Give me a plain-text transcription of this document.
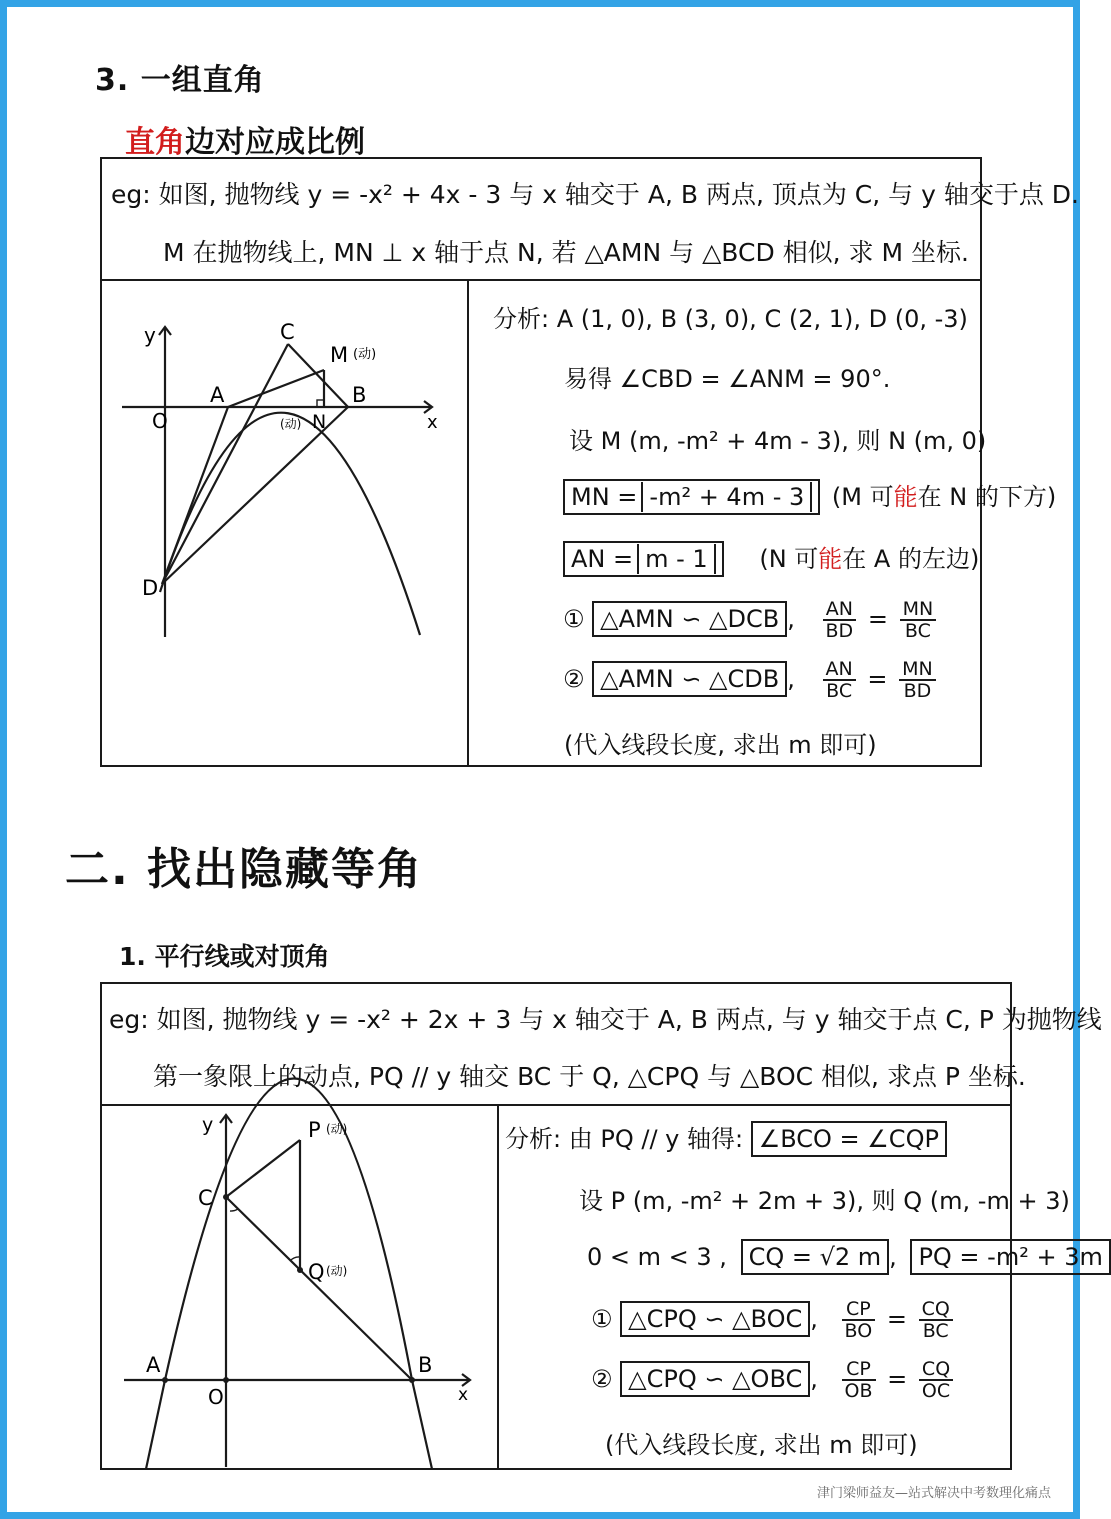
3. 一组直角
直角边对应成比例
eg: 如图, 抛物线 y = -x² + 4x - 3 与 x 轴交于 A, B 两点, 顶点为 C, 与 y 轴交于点 D.
M 在抛物线上, MN ⊥ x 轴于点 N, 若 △AMN 与 △BCD 相似, 求 M 坐标.
y
x
O
A	B
C
D
M (动)
N
(动)
分析: A (1, 0), B (3, 0), C (2, 1), D (0, -3)
易得 ∠CBD = ∠ANM = 90°.
设 M (m, -m² + 4m - 3), 则 N (m, 0)
MN = -m² + 4m - 3 (M 可能在 N 的下方)
AN = m - 1 (N 可能在 A 的左边)
① △AMN ∽ △DCB , $\frac{AN}{BD} = \frac{MN}{BC}$
② △AMN ∽ △CDB , $\frac{AN}{BC} = \frac{MN}{BD}$
(代入线段长度, 求出 m 即可)
二. 找出隐藏等角
1. 平行线或对顶角
eg: 如图, 抛物线 y = -x² + 2x + 3 与 x 轴交于 A, B 两点, 与 y 轴交于点 C, P 为抛物线
第一象限上的动点, PQ // y 轴交 BC 于 Q, △CPQ 与 △BOC 相似, 求点 P 坐标.
y
x
O
A	B
C
P (动)
Q (动)
分析: 由 PQ // y 轴得: ∠BCO = ∠CQP
设 P (m, -m² + 2m + 3), 则 Q (m, -m + 3)
0 < m < 3 , CQ = √2 m , PQ = -m² + 3m
① △CPQ ∽ △BOC , $\frac{CP}{BO} = \frac{CQ}{BC}$
② △CPQ ∽ △OBC , $\frac{CP}{OB} = \frac{CQ}{OC}$
(代入线段长度, 求出 m 即可)
津门梁师益友—站式解决中考数理化痛点
